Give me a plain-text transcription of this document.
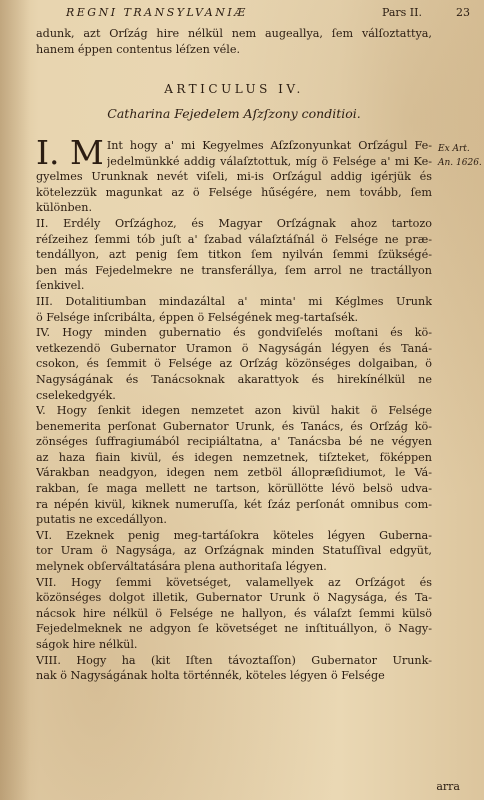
REGNI TRANSYLVANIÆ	Pars II.	23
adunk, azt Orſzág hire nélkül nem augeallya, ſem válſoztattya,
hanem éppen contentus léſzen véle.
ARTICULUS IV.
Catharina Fejedelem Aſzſzony conditioi.
Ex Art.
An. 1626.
I. M Int hogy a' mi Kegyelmes Aſzſzonyunkat Orſzágul Fe-
jedelmünkké addig válaſztottuk, míg ö Felsége a' mi Ke-
gyelmes Urunknak nevét viſeli, mi-is Orſzágul addig igérjük és
kötelezzük magunkat az ö Felsége hűségére, nem tovább, ſem
különben.
II. Erdély Orſzághoz, és Magyar Orſzágnak ahoz tartozo
réſzeihez ſemmi tób juſt a' ſzabad válaſztáſnál ö Felsége ne præ-
tendállyon, azt penig ſem titkon ſem nyilván ſemmi ſzükségé-
ben más Fejedelmekre ne transferállya, ſem arrol ne tractállyon
ſenkivel.
III. Dotalitiumban mindazáltal a' minta' mi Kéglmes Urunk
ö Felsége inſcribálta, éppen ö Felségének meg-tartaſsék.
IV. Hogy minden gubernatio és gondviſelés moſtani és kö-
vetkezendö Gubernator Uramon ö Nagyságán légyen és Taná-
csokon, és ſemmit ö Felsége az Orſzág közönséges dolgaiban, ö
Nagyságának és Tanácsoknak akarattyok és hirekínélkül ne
cselekedgyék.
V. Hogy ſenkit idegen nemzetet azon kivül hakit ö Felsége
benemerita perſonat Gubernator Urunk, és Tanács, és Orſzág kö-
zönséges ſuffragiumából recipiáltatna, a' Tanácsba bé ne végyen
az haza fiain kivül, és idegen nemzetnek, tiſzteket, föképpen
Várakban neadgyon, idegen nem zetböl állopræſidiumot, le Vá-
rakban, ſe maga mellett ne tartson, körüllötte lévö belsö udva-
ra népén kivül, kiknek numeruſſa, két ſzáz perſonát omnibus com-
putatis ne excedállyon.
VI. Ezeknek penig meg-tartáſokra köteles légyen Guberna-
tor Uram ö Nagysága, az Orſzágnak minden Statuſſival edgyüt,
melynek obſerváltatására plena authoritaſa légyen.
VII. Hogy ſemmi követséget, valamellyek az Orſzágot és
közönséges dolgot illetik, Gubernator Urunk ö Nagysága, és Ta-
nácsok hire nélkül ö Felsége ne hallyon, és válaſzt ſemmi külsö
Fejedelmeknek ne adgyon ſe követséget ne inſtituállyon, ö Nagy-
ságok hire nélkül.
VIII. Hogy ha (kit Iſten távoztaſſon) Gubernator Urunk-
nak ö Nagyságának holta történnék, köteles légyen ö Felsége
arra
